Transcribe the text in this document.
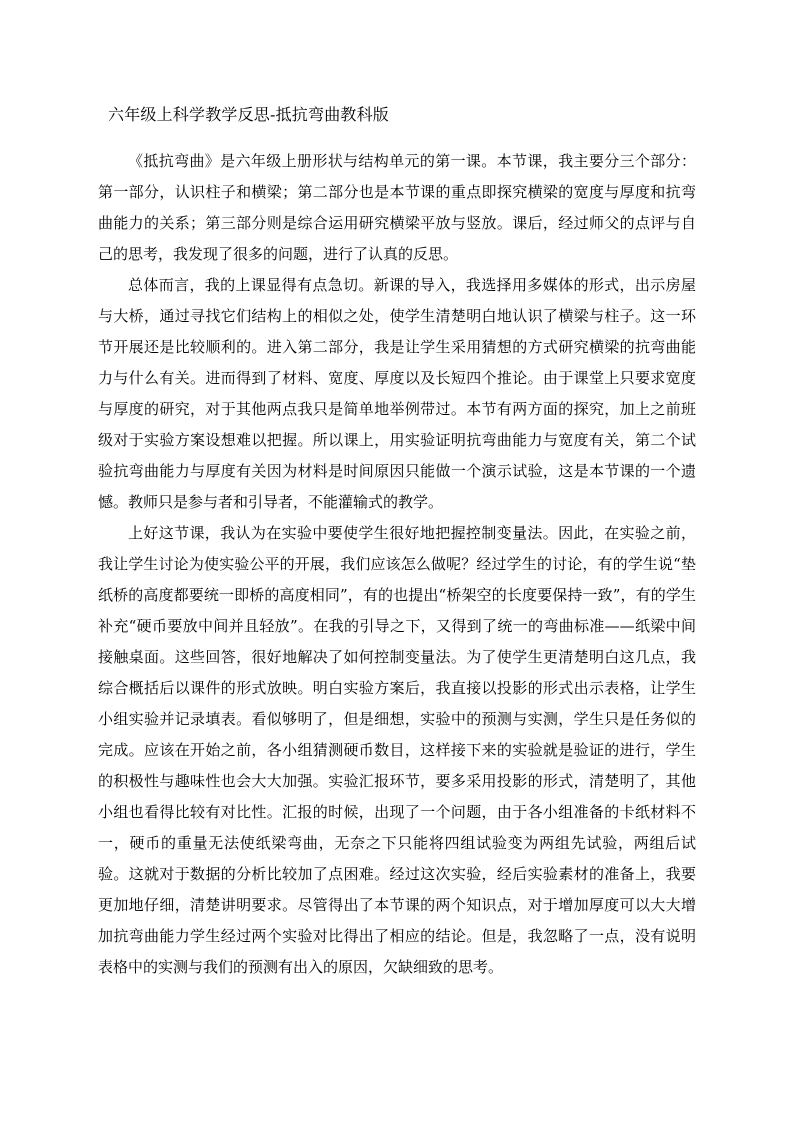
六年级上科学教学反思-抵抗弯曲教科版

《抵抗弯曲》是六年级上册形状与结构单元的第一课。本节课，我主要分三个部分：第一部分，认识柱子和横梁；第二部分也是本节课的重点即探究横梁的宽度与厚度和抗弯曲能力的关系；第三部分则是综合运用研究横梁平放与竖放。课后，经过师父的点评与自己的思考，我发现了很多的问题，进行了认真的反思。

总体而言，我的上课显得有点急切。新课的导入，我选择用多媒体的形式，出示房屋与大桥，通过寻找它们结构上的相似之处，使学生清楚明白地认识了横梁与柱子。这一环节开展还是比较顺利的。进入第二部分，我是让学生采用猜想的方式研究横梁的抗弯曲能力与什么有关。进而得到了材料、宽度、厚度以及长短四个推论。由于课堂上只要求宽度与厚度的研究，对于其他两点我只是简单地举例带过。本节有两方面的探究，加上之前班级对于实验方案设想难以把握。所以课上，用实验证明抗弯曲能力与宽度有关，第二个试验抗弯曲能力与厚度有关因为材料是时间原因只能做一个演示试验，这是本节课的一个遗憾。教师只是参与者和引导者，不能灌输式的教学。

上好这节课，我认为在实验中要使学生很好地把握控制变量法。因此，在实验之前，我让学生讨论为使实验公平的开展，我们应该怎么做呢？经过学生的讨论，有的学生说“垫纸桥的高度都要统一即桥的高度相同”，有的也提出“桥架空的长度要保持一致”，有的学生补充“硬币要放中间并且轻放”。在我的引导之下，又得到了统一的弯曲标准——纸梁中间接触桌面。这些回答，很好地解决了如何控制变量法。为了使学生更清楚明白这几点，我综合概括后以课件的形式放映。明白实验方案后，我直接以投影的形式出示表格，让学生小组实验并记录填表。看似够明了，但是细想，实验中的预测与实测，学生只是任务似的完成。应该在开始之前，各小组猜测硬币数目，这样接下来的实验就是验证的进行，学生的积极性与趣味性也会大大加强。实验汇报环节，要多采用投影的形式，清楚明了，其他小组也看得比较有对比性。汇报的时候，出现了一个问题，由于各小组准备的卡纸材料不一，硬币的重量无法使纸梁弯曲，无奈之下只能将四组试验变为两组先试验，两组后试验。这就对于数据的分析比较加了点困难。经过这次实验，经后实验素材的准备上，我要更加地仔细，清楚讲明要求。尽管得出了本节课的两个知识点，对于增加厚度可以大大增加抗弯曲能力学生经过两个实验对比得出了相应的结论。但是，我忽略了一点，没有说明表格中的实测与我们的预测有出入的原因，欠缺细致的思考。
